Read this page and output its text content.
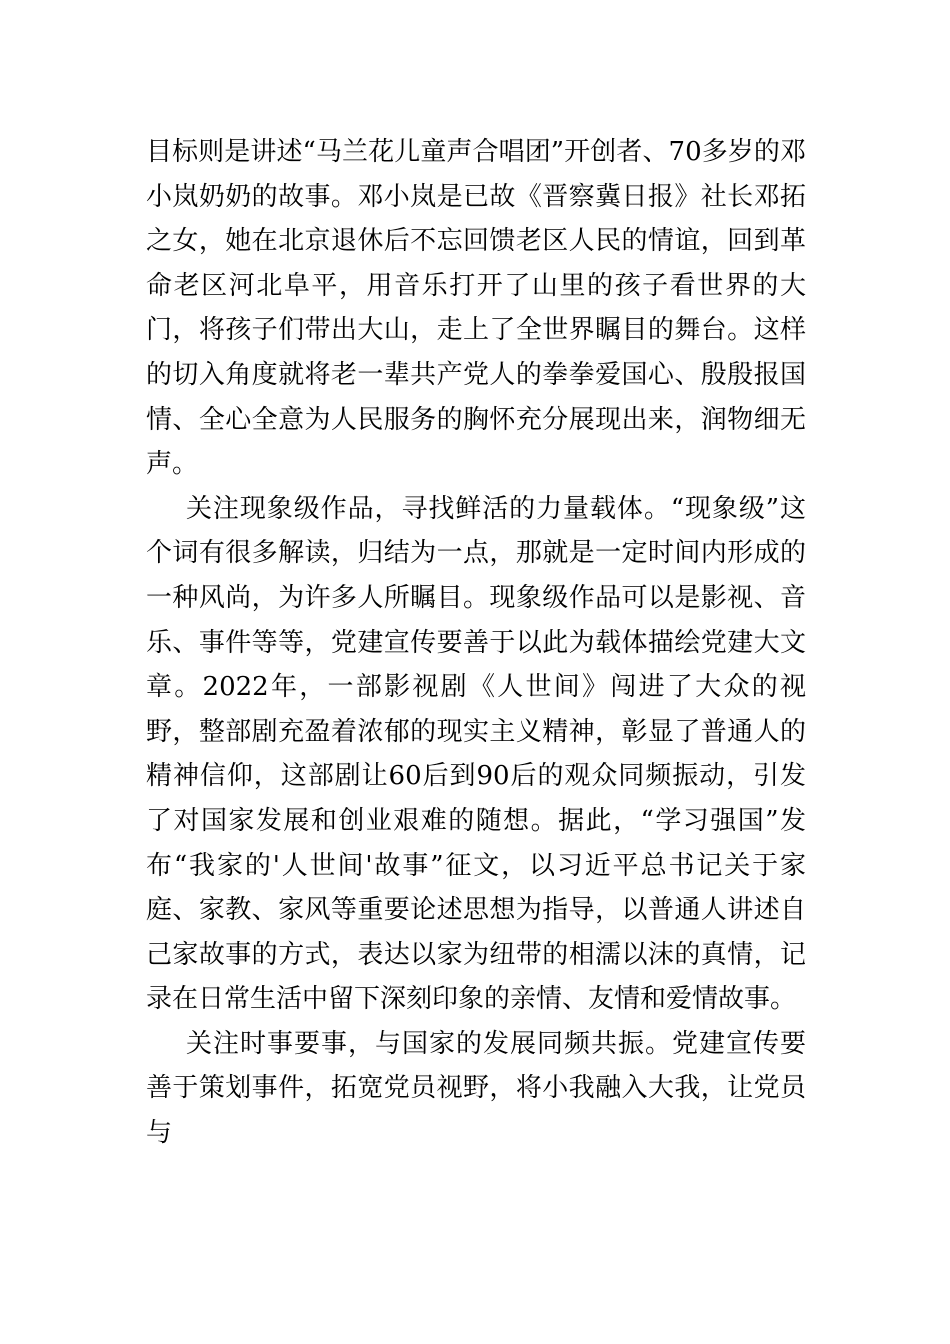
目标则是讲述“马兰花儿童声合唱团”开创者、70多岁的邓小岚奶奶的故事。邓小岚是已故《晋察冀日报》社长邓拓之女，她在北京退休后不忘回馈老区人民的情谊，回到革命老区河北阜平，用音乐打开了山里的孩子看世界的大门，将孩子们带出大山，走上了全世界瞩目的舞台。这样的切入角度就将老一辈共产党人的拳拳爱国心、殷殷报国情、全心全意为人民服务的胸怀充分展现出来，润物细无声。

关注现象级作品，寻找鲜活的力量载体。“现象级”这个词有很多解读，归结为一点，那就是一定时间内形成的一种风尚，为许多人所瞩目。现象级作品可以是影视、音乐、事件等等，党建宣传要善于以此为载体描绘党建大文章。2022年，一部影视剧《人世间》闯进了大众的视野，整部剧充盈着浓郁的现实主义精神，彰显了普通人的精神信仰，这部剧让60后到90后的观众同频振动，引发了对国家发展和创业艰难的随想。据此，“学习强国”发布“我家的'人世间'故事”征文，以习近平总书记关于家庭、家教、家风等重要论述思想为指导，以普通人讲述自己家故事的方式，表达以家为纽带的相濡以沫的真情，记录在日常生活中留下深刻印象的亲情、友情和爱情故事。

关注时事要事，与国家的发展同频共振。党建宣传要善于策划事件，拓宽党员视野，将小我融入大我，让党员与
